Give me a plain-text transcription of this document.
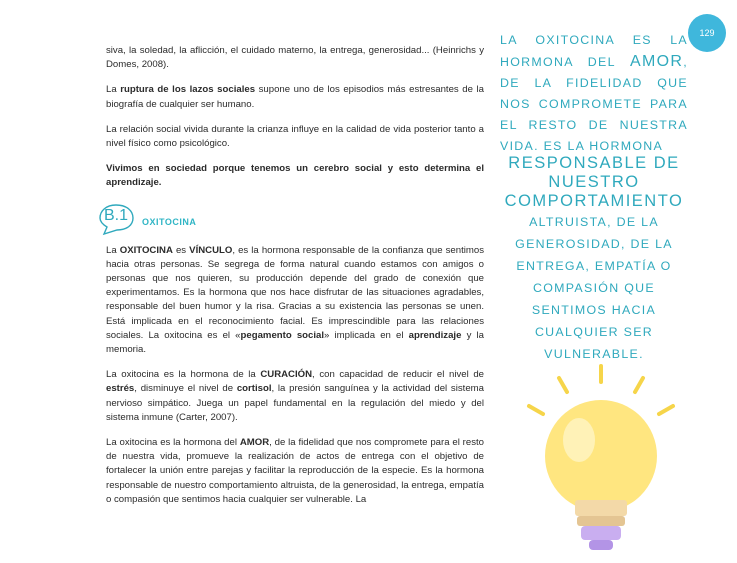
129

siva, la soledad, la aflicción, el cuidado materno, la entrega, generosidad... (Heinrichs y Domes, 2008).

La ruptura de los lazos sociales supone uno de los episodios más estresantes de la biografía de cualquier ser humano.

La relación social vivida durante la crianza influye en la calidad de vida posterior tanto a nivel físico como psicológico.

Vivimos en sociedad porque tenemos un cerebro social y esto determina el aprendizaje.

B.1 OXITOCINA

La OXITOCINA es VÍNCULO, es la hormona responsable de la confianza que sentimos hacia otras personas. Se segrega de forma natural cuando estamos con amigos o personas que nos quieren, su producción depende del grado de conexión que experimentamos. Es la hormona que nos hace disfrutar de las situaciones agradables, responsable del buen humor y la risa. Gracias a su existencia las personas se unen. Está implicada en el reconocimiento facial. Es imprescindible para las relaciones sociales. La oxitocina es el «pegamento social» implicada en el aprendizaje y la memoria.

La oxitocina es la hormona de la CURACIÓN, con capacidad de reducir el nivel de estrés, disminuye el nivel de cortisol, la presión sanguínea y la actividad del sistema nervioso simpático. Juega un papel fundamental en la regulación del miedo y del sistema inmune (Carter, 2007).

La oxitocina es la hormona del AMOR, de la fidelidad que nos compromete para el resto de nuestra vida, promueve la realización de actos de entrega con el objetivo de fortalecer la unión entre parejas y facilitar la reproducción de la especie. Es la hormona responsable de nuestro comportamiento altruista, de la generosidad, la entrega, empatía o compasión que sentimos hacia cualquier ser vulnerable. La

LA OXITOCINA ES LA HORMONA DEL AMOR, DE LA FIDELIDAD QUE NOS COMPROMETE PARA EL RESTO DE NUESTRA VIDA. ES LA HORMONA
RESPONSABLE DE NUESTRO COMPORTAMIENTO
ALTRUISTA, DE LA GENEROSIDAD, DE LA ENTREGA, EMPATÍA O COMPASIÓN QUE SENTIMOS HACIA CUALQUIER SER VULNERABLE.
